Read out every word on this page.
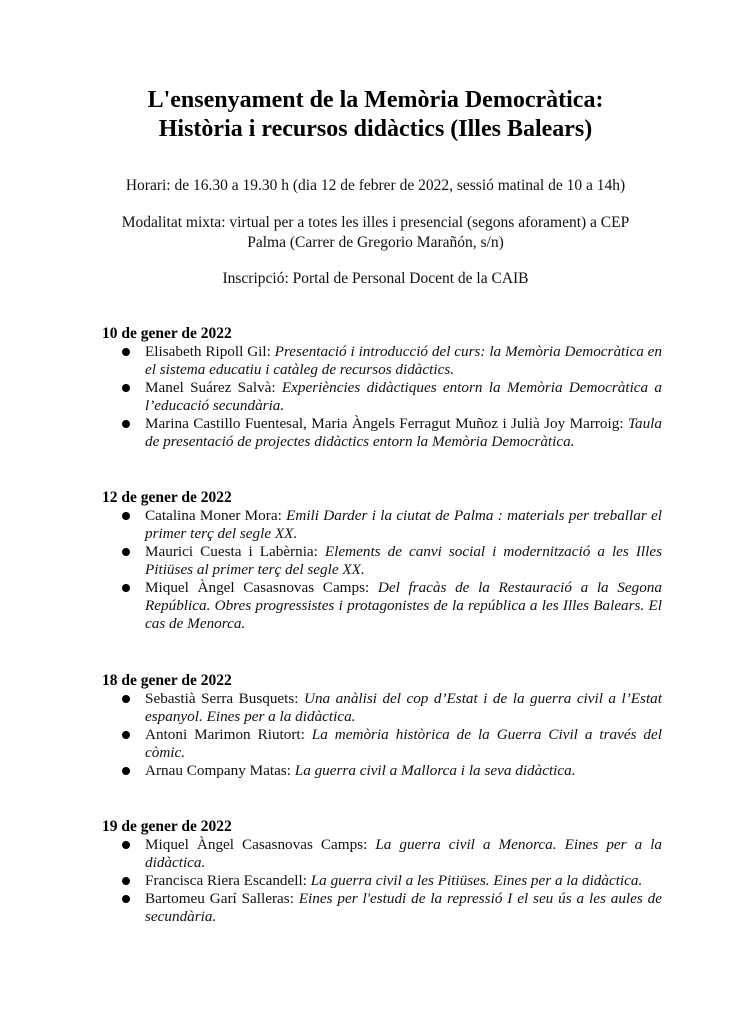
L'ensenyament de la Memòria Democràtica:
Història i recursos didàctics (Illes Balears)
Horari: de 16.30 a 19.30 h (dia 12 de febrer de 2022, sessió matinal de 10 a 14h)
Modalitat mixta: virtual per a totes les illes i presencial (segons aforament) a CEP
Palma (Carrer de Gregorio Marañón, s/n)
Inscripció: Portal de Personal Docent de la CAIB
10 de gener de 2022
Elisabeth Ripoll Gil: Presentació i introducció del curs: la Memòria Democràtica en el sistema educatiu i catàleg de recursos didàctics.
Manel Suárez Salvà: Experiències didàctiques entorn la Memòria Democràtica a l’educació secundària.
Marina Castillo Fuentesal, Maria Àngels Ferragut Muñoz i Julià Joy Marroig: Taula de presentació de projectes didàctics entorn la Memòria Democràtica.
12 de gener de 2022
Catalina Moner Mora: Emili Darder i la ciutat de Palma : materials per treballar el primer terç del segle XX.
Maurici Cuesta i Labèrnia: Elements de canvi social i modernització a les Illes Pitiüses al primer terç del segle XX.
Miquel Àngel Casasnovas Camps: Del fracàs de la Restauració a la Segona República. Obres progressistes i protagonistes de la república a les Illes Balears. El cas de Menorca.
18 de gener de 2022
Sebastià Serra Busquets: Una anàlisi del cop d’Estat i de la guerra civil a l’Estat espanyol. Eines per a la didàctica.
Antoni Marimon Riutort: La memòria històrica de la Guerra Civil a través del còmic.
Arnau Company Matas: La guerra civil a Mallorca i la seva didàctica.
19 de gener de 2022
Miquel Àngel Casasnovas Camps: La guerra civil a Menorca. Eines per a la didàctica.
Francisca Riera Escandell: La guerra civil a les Pitiüses. Eines per a la didàctica.
Bartomeu Garí Salleras: Eines per l'estudi de la repressió I el seu ús a les aules de secundària.
